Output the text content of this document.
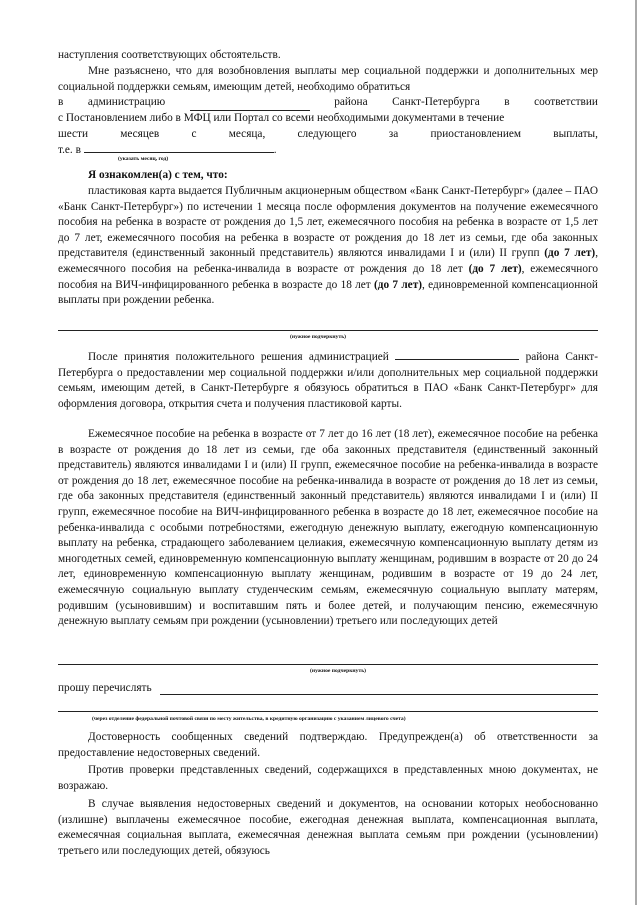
наступления соответствующих обстоятельств.
Мне разъяснено, что для возобновления выплаты мер социальной поддержки и дополнительных мер социальной поддержки семьям, имеющим детей, необходимо обратиться
в администрацию	района Санкт-Петербурга в соответствии
с Постановлением либо в МФЦ или Портал со всеми необходимыми документами в течение
шести	месяцев	с	месяца,	следующего	за	приостановлением	выплаты,
т.е. в	.
(указать месяц, год)
Я ознакомлен(а) с тем, что:
пластиковая карта выдается Публичным акционерным обществом «Банк Санкт-Петербург» (далее – ПАО «Банк Санкт-Петербург») по истечении 1 месяца после оформления документов на получение ежемесячного пособия на ребенка в возрасте от рождения до 1,5 лет, ежемесячного пособия на ребенка в возрасте от 1,5 лет до 7 лет, ежемесячного пособия на ребенка в возрасте от рождения до 18 лет из семьи, где оба законных представителя (единственный законный представитель) являются инвалидами I и (или) II групп (до 7 лет), ежемесячного пособия на ребенка-инвалида в возрасте от рождения до 18 лет (до 7 лет), ежемесячного пособия на ВИЧ-инфицированного ребенка в возрасте до 18 лет (до 7 лет), единовременной компенсационной выплаты при рождении ребенка.
(нужное подчеркнуть)
После принятия положительного решения администрацией	района Санкт-Петербурга о предоставлении мер социальной поддержки и/или дополнительных мер социальной поддержки семьям, имеющим детей, в Санкт-Петербурге я обязуюсь обратиться в ПАО «Банк Санкт-Петербург» для оформления договора, открытия счета и получения пластиковой карты.
Ежемесячное пособие на ребенка в возрасте от 7 лет до 16 лет (18 лет), ежемесячное пособие на ребенка в возрасте от рождения до 18 лет из семьи, где оба законных представителя (единственный законный представитель) являются инвалидами I и (или) II групп, ежемесячное пособие на ребенка-инвалида в возрасте от рождения до 18 лет, ежемесячное пособие на ребенка-инвалида в возрасте от рождения до 18 лет из семьи, где оба законных представителя (единственный законный представитель) являются инвалидами I и (или) II групп, ежемесячное пособие на ВИЧ-инфицированного ребенка в возрасте до 18 лет, ежемесячное пособие на ребенка-инвалида с особыми потребностями, ежегодную денежную выплату, ежегодную компенсационную выплату на ребенка, страдающего заболеванием целиакия, ежемесячную компенсационную выплату детям из многодетных семей, единовременную компенсационную выплату женщинам, родившим в возрасте от 20 до 24 лет, единовременную компенсационную выплату женщинам, родившим в возрасте от 19 до 24 лет, ежемесячную социальную выплату студенческим семьям, ежемесячную социальную выплату матерям, родившим (усыновившим) и воспитавшим пять и более детей, и получающим пенсию, ежемесячную денежную выплату семьям при рождении (усыновлении) третьего или последующих детей
(нужное подчеркнуть)
прошу перечислять
(через отделение федеральной почтовой связи по месту жительства, в кредитную организацию с указанием лицевого счета)
Достоверность сообщенных сведений подтверждаю. Предупрежден(а) об ответственности за предоставление недостоверных сведений.
Против проверки представленных сведений, содержащихся в представленных мною документах, не возражаю.
В случае выявления недостоверных сведений и документов, на основании которых необоснованно (излишне) выплачены ежемесячное пособие, ежегодная денежная выплата, компенсационная выплата, ежемесячная социальная выплата, ежемесячная денежная выплата семьям при рождении (усыновлении) третьего или последующих детей, обязуюсь
